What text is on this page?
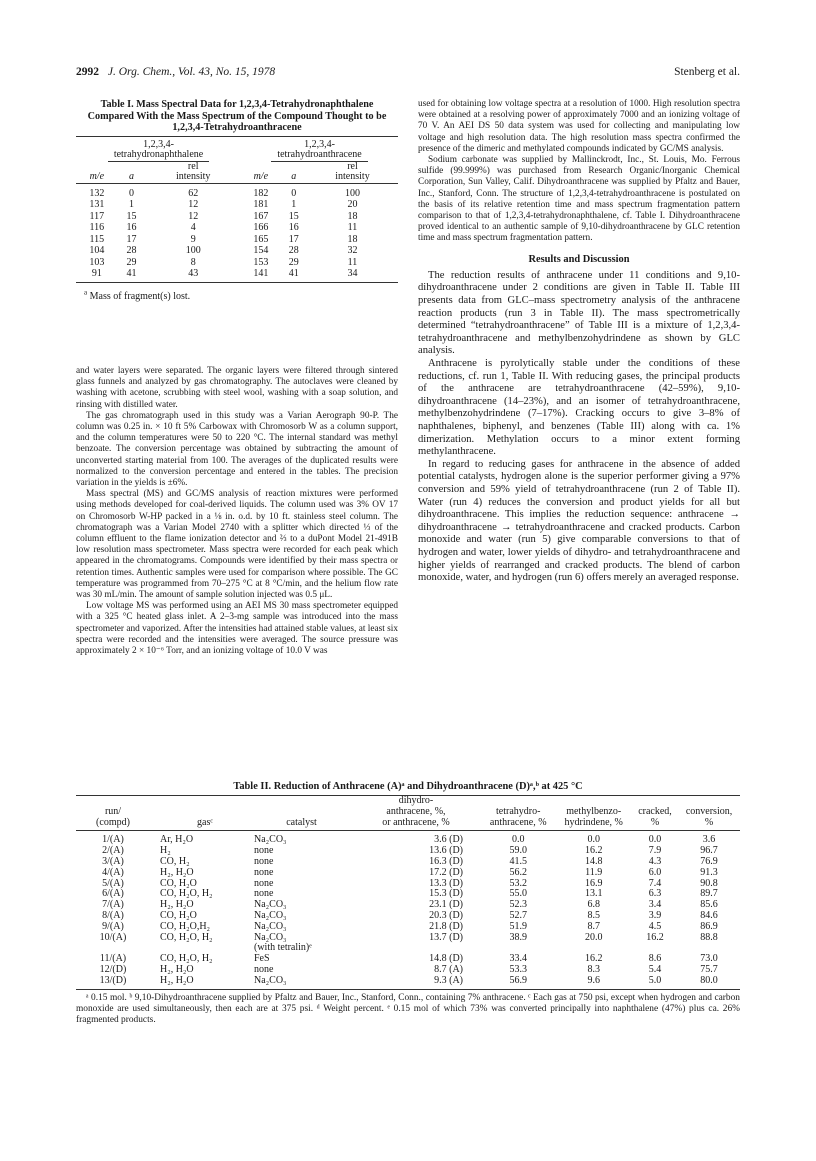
2992 J. Org. Chem., Vol. 43, No. 15, 1978	Stenberg et al.
Table I. Mass Spectral Data for 1,2,3,4-Tetrahydronaphthalene Compared With the Mass Spectrum of the Compound Thought to be 1,2,3,4-Tetrahydroanthracene
1,2,3,4-
tetrahydronaphthalene			1,2,3,4-
tetrahydroanthracene		
m/e	a	rel
intensity	m/e	a	rel
intensity
132	0	62	182	0	100
131	1	12	181	1	20
117	15	12	167	15	18
116	16	4	166	16	11
115	17	9	165	17	18
104	28	100	154	28	32
103	29	8	153	29	11
91	41	43	141	41	34
$^a$ Mass of fragment(s) lost.

and water layers were separated. The organic layers were filtered through sintered glass funnels and analyzed by gas chromatography. The autoclaves were cleaned by washing with acetone, scrubbing with steel wool, washing with a soap solution, and rinsing with distilled water.

The gas chromatograph used in this study was a Varian Aerograph 90-P. The column was 0.25 in. × 10 ft 5% Carbowax with Chromosorb W as a column support, and the column temperatures were 50 to 220 °C. The internal standard was methyl benzoate. The conversion percentage was obtained by subtracting the amount of unconverted starting material from 100. The averages of the duplicated results were normalized to the conversion percentage and entered in the tables. The precision variation in the yields is ±6%.

Mass spectral (MS) and GC/MS analysis of reaction mixtures were performed using methods developed for coal-derived liquids. The column used was 3% OV 17 on Chromosorb W-HP packed in a ⅛ in. o.d. by 10 ft. stainless steel column. The chromatograph was a Varian Model 2740 with a splitter which directed ⅓ of the column effluent to the flame ionization detector and ⅔ to a duPont Model 21-491B low resolution mass spectrometer. Mass spectra were recorded for each peak which appeared in the chromatograms. Compounds were identified by their mass spectra or retention times. Authentic samples were used for comparison where possible. The GC temperature was programmed from 70–275 °C at 8 °C/min, and the helium flow rate was 30 mL/min. The amount of sample solution injected was 0.5 μL.

Low voltage MS was performed using an AEI MS 30 mass spectrometer equipped with a 325 °C heated glass inlet. A 2–3-mg sample was introduced into the mass spectrometer and vaporized. After the intensities had attained stable values, at least six spectra were recorded and the intensities were averaged. The source pressure was approximately 2 × 10⁻⁶ Torr, and an ionizing voltage of 10.0 V was

used for obtaining low voltage spectra at a resolution of 1000. High resolution spectra were obtained at a resolving power of approximately 7000 and an ionizing voltage of 70 V. An AEI DS 50 data system was used for collecting and manipulating low voltage and high resolution data. The high resolution mass spectra confirmed the presence of the dimeric and methylated compounds indicated by GC/MS analysis.

Sodium carbonate was supplied by Mallinckrodt, Inc., St. Louis, Mo. Ferrous sulfide (99.999%) was purchased from Research Organic/Inorganic Chemical Corporation, Sun Valley, Calif. Dihydroanthracene was supplied by Pfaltz and Bauer, Inc., Stanford, Conn. The structure of 1,2,3,4-tetrahydroanthracene is postulated on the basis of its relative retention time and mass spectrum fragmentation pattern comparison to that of 1,2,3,4-tetrahydronaphthalene, cf. Table I. Dihydroanthracene proved identical to an authentic sample of 9,10-dihydroanthracene by GLC retention time and mass spectrum fragmentation pattern.

Results and Discussion

The reduction results of anthracene under 11 conditions and 9,10-dihydroanthracene under 2 conditions are given in Table II. Table III presents data from GLC–mass spectrometry analysis of the anthracene reaction products (run 3 in Table II). The mass spectrometrically determined “tetrahydroanthracene” of Table III is a mixture of 1,2,3,4-tetrahydroanthracene and methylbenzohydrindene as shown by GLC analysis.

Anthracene is pyrolytically stable under the conditions of these reductions, cf. run 1, Table II. With reducing gases, the principal products of the anthracene are tetrahydroanthracene (42–59%), 9,10-dihydroanthracene (14–23%), and an isomer of tetrahydroanthracene, methylbenzohydrindene (7–17%). Cracking occurs to give 3–8% of naphthalenes, biphenyl, and benzenes (Table III) along with ca. 1% dimerization. Methylation occurs to a minor extent forming methylanthracene.

In regard to reducing gases for anthracene in the absence of added potential catalysts, hydrogen alone is the superior performer giving a 97% conversion and 59% yield of tetrahydroanthracene (run 2 of Table II). Water (run 4) reduces the conversion and product yields for all but dihydroanthracene. This implies the reduction sequence: anthracene → dihydroanthracene → tetrahydroanthracene and cracked products. Carbon monoxide and water (run 5) give comparable conversions to that of hydrogen and water, lower yields of dihydro- and tetrahydroanthracene and higher yields of rearranged and cracked products. The blend of carbon monoxide, water, and hydrogen (run 6) offers merely an averaged response.

Table II. Reduction of Anthracene (A)ᵃ and Dihydroanthracene (D)ᵃ,ᵇ at 425 °C
run/
(compd)	gasᶜ	catalyst	dihydro-
anthracene, %,
or anthracene, %	tetrahydro-
anthracene, %	methylbenzo-
hydrindene, %	cracked,
%	conversion,
%
1/(A)	Ar, H₂O	Na₂CO₃	3.6 (D)	0.0	0.0	0.0	3.6
2/(A)	H₂	none	13.6 (D)	59.0	16.2	7.9	96.7
3/(A)	CO, H₂	none	16.3 (D)	41.5	14.8	4.3	76.9
4/(A)	H₂, H₂O	none	17.2 (D)	56.2	11.9	6.0	91.3
5/(A)	CO, H₂O	none	13.3 (D)	53.2	16.9	7.4	90.8
6/(A)	CO, H₂O, H₂	none	15.3 (D)	55.0	13.1	6.3	89.7
7/(A)	H₂, H₂O	Na₂CO₃	23.1 (D)	52.3	6.8	3.4	85.6
8/(A)	CO, H₂O	Na₂CO₃	20.3 (D)	52.7	8.5	3.9	84.6
9/(A)	CO, H₂O,H₂	Na₂CO₃	21.8 (D)	51.9	8.7	4.5	86.9
10/(A)	CO, H₂O, H₂	Na₂CO₃	13.7 (D)	38.9	20.0	16.2	88.8
		(with tetralin)ᵉ					
11/(A)	CO, H₂O, H₂	FeS	14.8 (D)	33.4	16.2	8.6	73.0
12/(D)	H₂, H₂O	none	8.7 (A)	53.3	8.3	5.4	75.7
13/(D)	H₂, H₂O	Na₂CO₃	9.3 (A)	56.9	9.6	5.0	80.0
ᵃ 0.15 mol. ᵇ 9,10-Dihydroanthracene supplied by Pfaltz and Bauer, Inc., Stanford, Conn., containing 7% anthracene. ᶜ Each gas at 750 psi, except when hydrogen and carbon monoxide are used simultaneously, then each are at 375 psi. ᵈ Weight percent. ᵉ 0.15 mol of which 73% was converted principally into naphthalene (47%) plus ca. 26% fragmented products.
